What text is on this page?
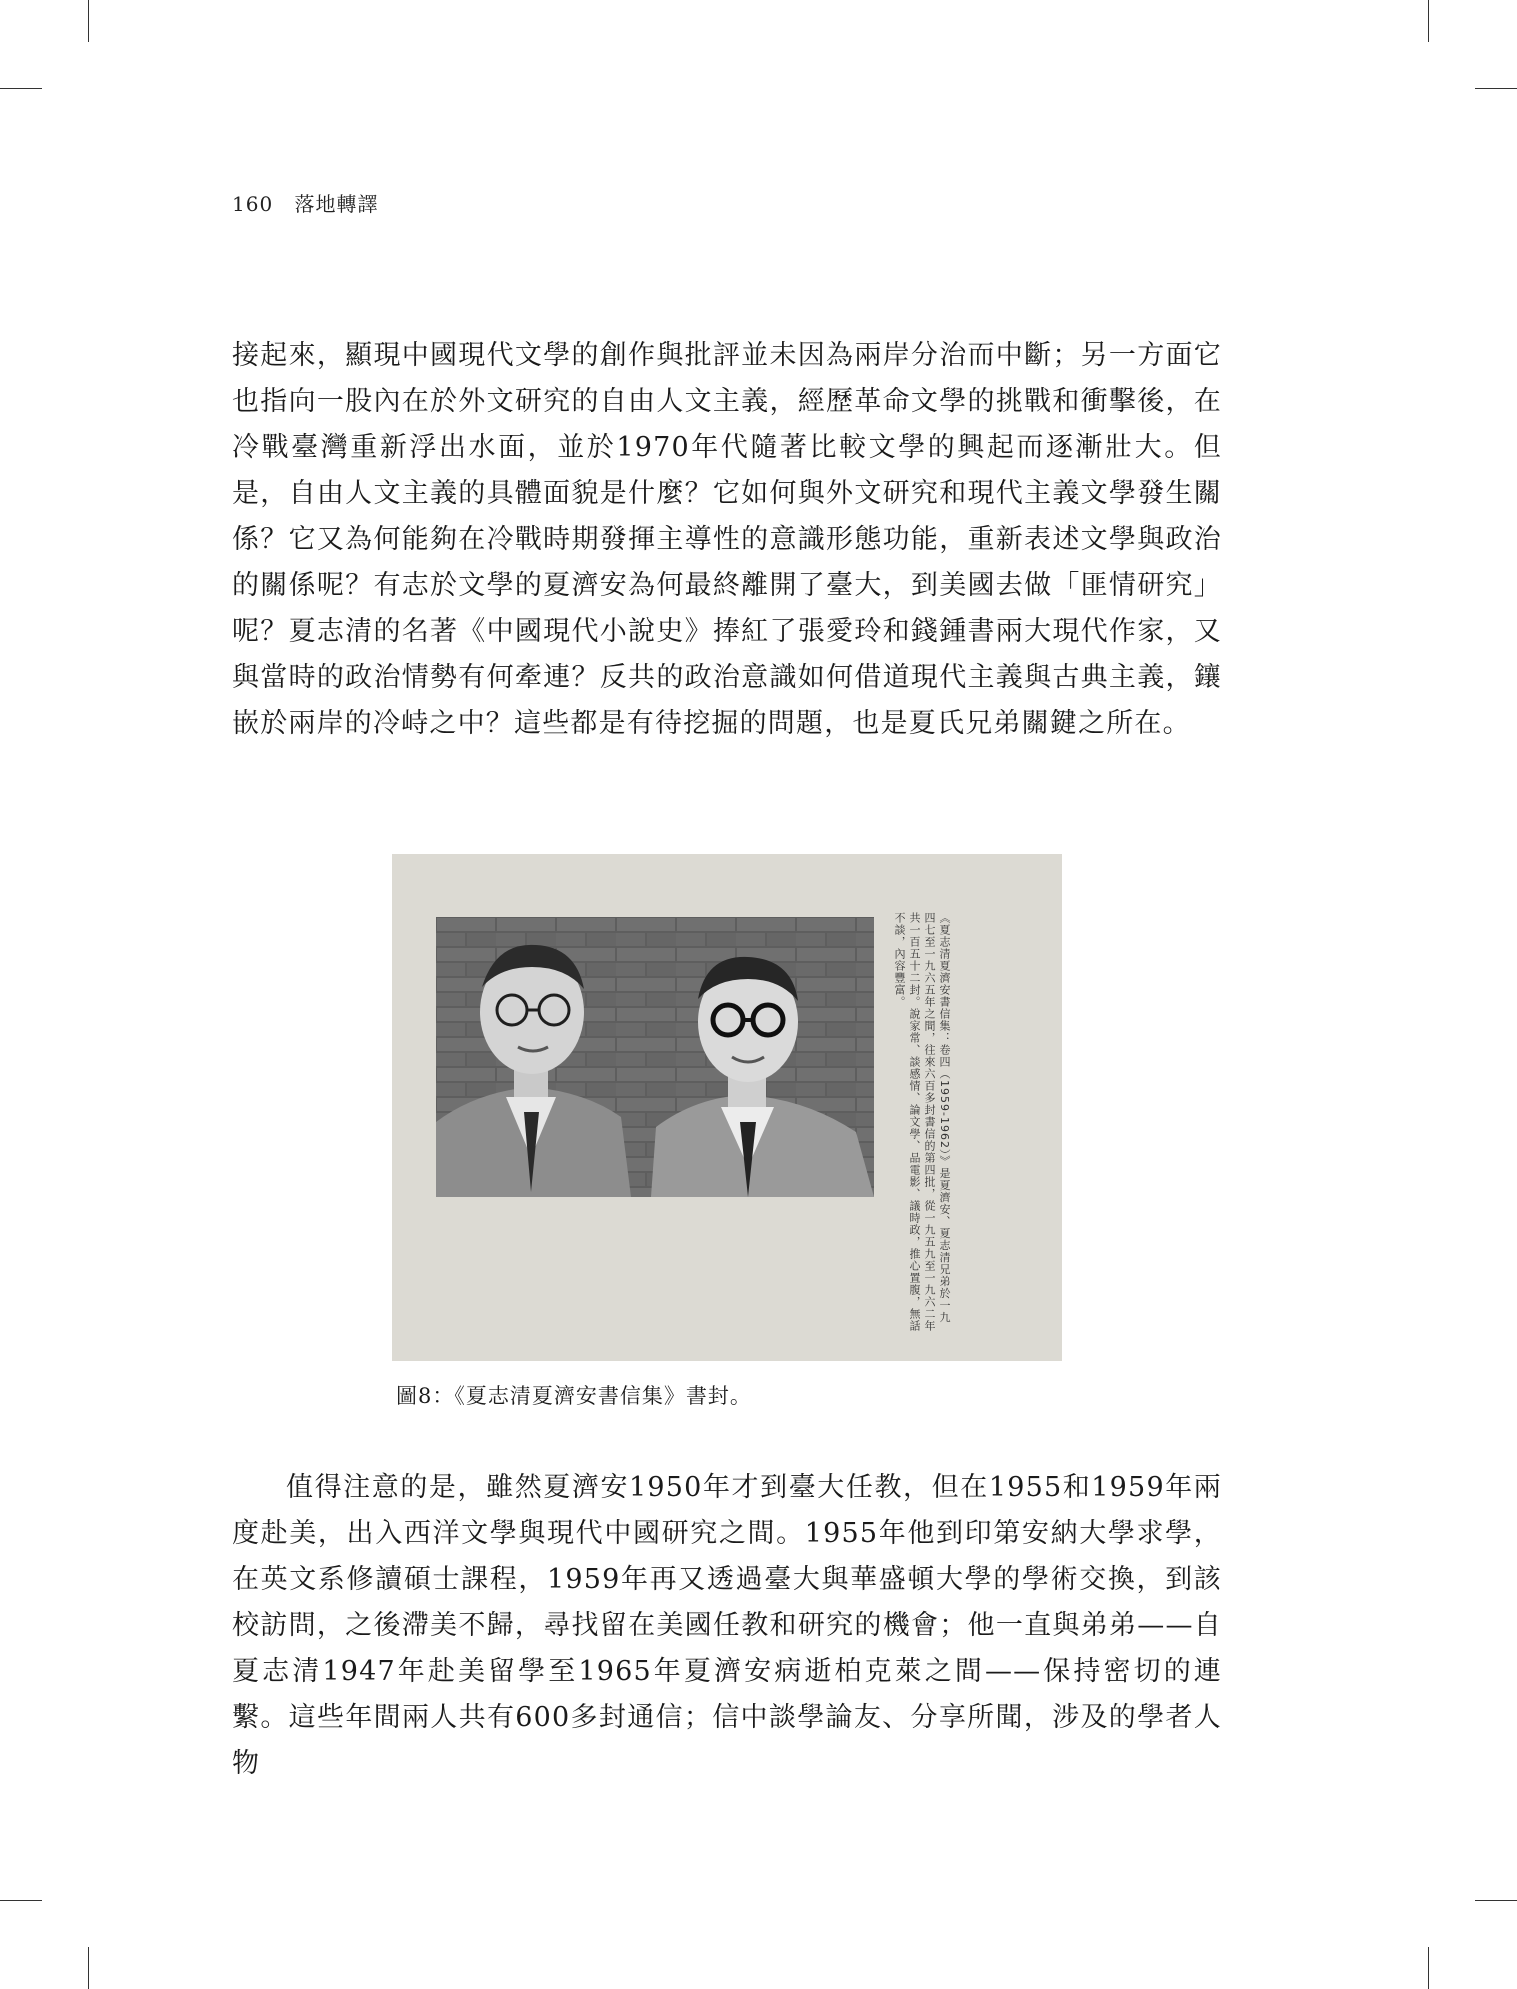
160 落地轉譯
接起來，顯現中國現代文學的創作與批評並未因為兩岸分治而中斷；另一方面它也指向一股內在於外文研究的自由人文主義，經歷革命文學的挑戰和衝擊後，在冷戰臺灣重新浮出水面，並於1970年代隨著比較文學的興起而逐漸壯大。但是，自由人文主義的具體面貌是什麼？它如何與外文研究和現代主義文學發生關係？它又為何能夠在冷戰時期發揮主導性的意識形態功能，重新表述文學與政治的關係呢？有志於文學的夏濟安為何最終離開了臺大，到美國去做「匪情研究」呢？夏志清的名著《中國現代小說史》捧紅了張愛玲和錢鍾書兩大現代作家，又與當時的政治情勢有何牽連？反共的政治意識如何借道現代主義與古典主義，鑲嵌於兩岸的冷峙之中？這些都是有待挖掘的問題，也是夏氏兄弟關鍵之所在。
《夏志清夏濟安書信集：卷四（1959-1962）》是夏濟安、夏志清兄弟於一九四七至一九六五年之間，往來六百多封書信的第四批，從一九五九至一九六二年共一百五十二封。說家常、談感情、論文學、品電影、議時政，推心置腹，無話不談，內容豐富。
圖8：《夏志清夏濟安書信集》書封。
值得注意的是，雖然夏濟安1950年才到臺大任教，但在1955和1959年兩度赴美，出入西洋文學與現代中國研究之間。1955年他到印第安納大學求學，在英文系修讀碩士課程，1959年再又透過臺大與華盛頓大學的學術交換，到該校訪問，之後滯美不歸，尋找留在美國任教和研究的機會；他一直與弟弟——自夏志清1947年赴美留學至1965年夏濟安病逝柏克萊之間——保持密切的連繫。這些年間兩人共有600多封通信；信中談學論友、分享所聞，涉及的學者人物
